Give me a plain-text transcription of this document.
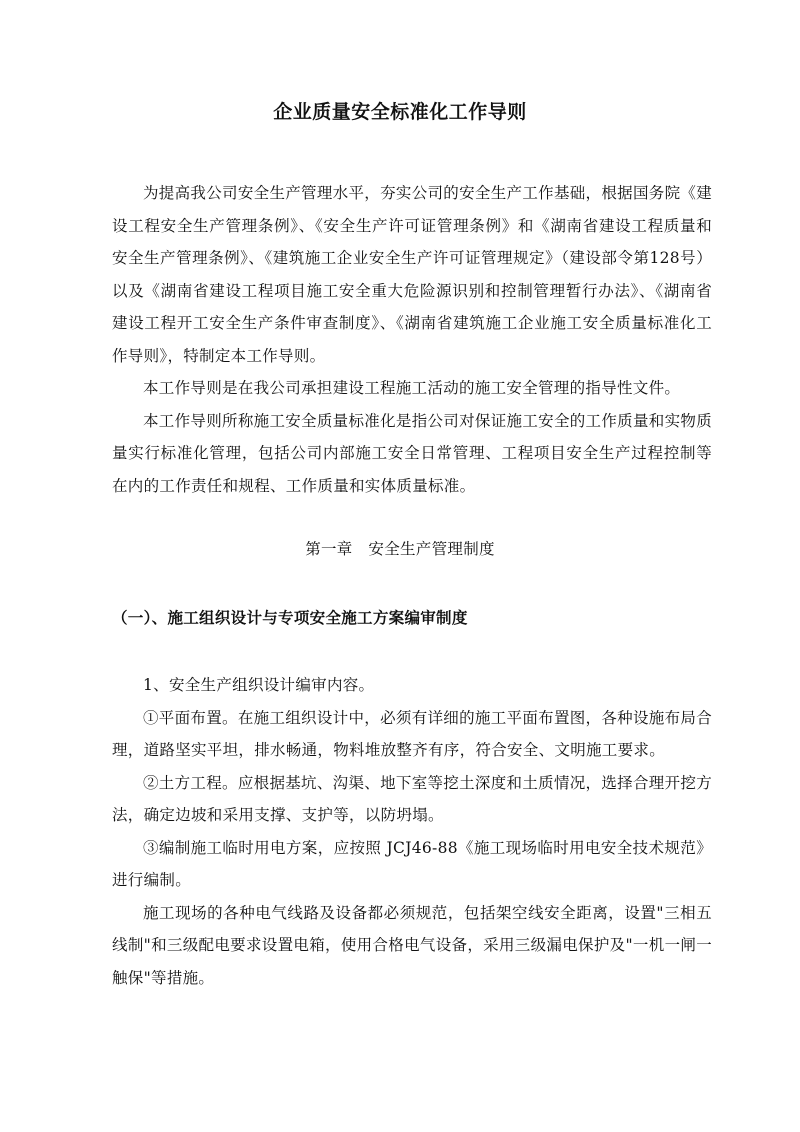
企业质量安全标准化工作导则

为提高我公司安全生产管理水平，夯实公司的安全生产工作基础，根据国务院《建设工程安全生产管理条例》、《安全生产许可证管理条例》和《湖南省建设工程质量和安全生产管理条例》、《建筑施工企业安全生产许可证管理规定》（建设部令第128号）以及《湖南省建设工程项目施工安全重大危险源识别和控制管理暂行办法》、《湖南省建设工程开工安全生产条件审查制度》、《湖南省建筑施工企业施工安全质量标准化工作导则》，特制定本工作导则。

本工作导则是在我公司承担建设工程施工活动的施工安全管理的指导性文件。

本工作导则所称施工安全质量标准化是指公司对保证施工安全的工作质量和实物质量实行标准化管理，包括公司内部施工安全日常管理、工程项目安全生产过程控制等在内的工作责任和规程、工作质量和实体质量标准。

第一章　安全生产管理制度
（一）、施工组织设计与专项安全施工方案编审制度

1、安全生产组织设计编审内容。

①平面布置。在施工组织设计中，必须有详细的施工平面布置图，各种设施布局合理，道路坚实平坦，排水畅通，物料堆放整齐有序，符合安全、文明施工要求。

②土方工程。应根据基坑、沟渠、地下室等挖土深度和土质情况，选择合理开挖方法，确定边坡和采用支撑、支护等，以防坍塌。

③编制施工临时用电方案，应按照 JCJ46-88《施工现场临时用电安全技术规范》进行编制。

施工现场的各种电气线路及设备都必须规范，包括架空线安全距离，设置"三相五线制"和三级配电要求设置电箱，使用合格电气设备，采用三级漏电保护及"一机一闸一触保"等措施。
